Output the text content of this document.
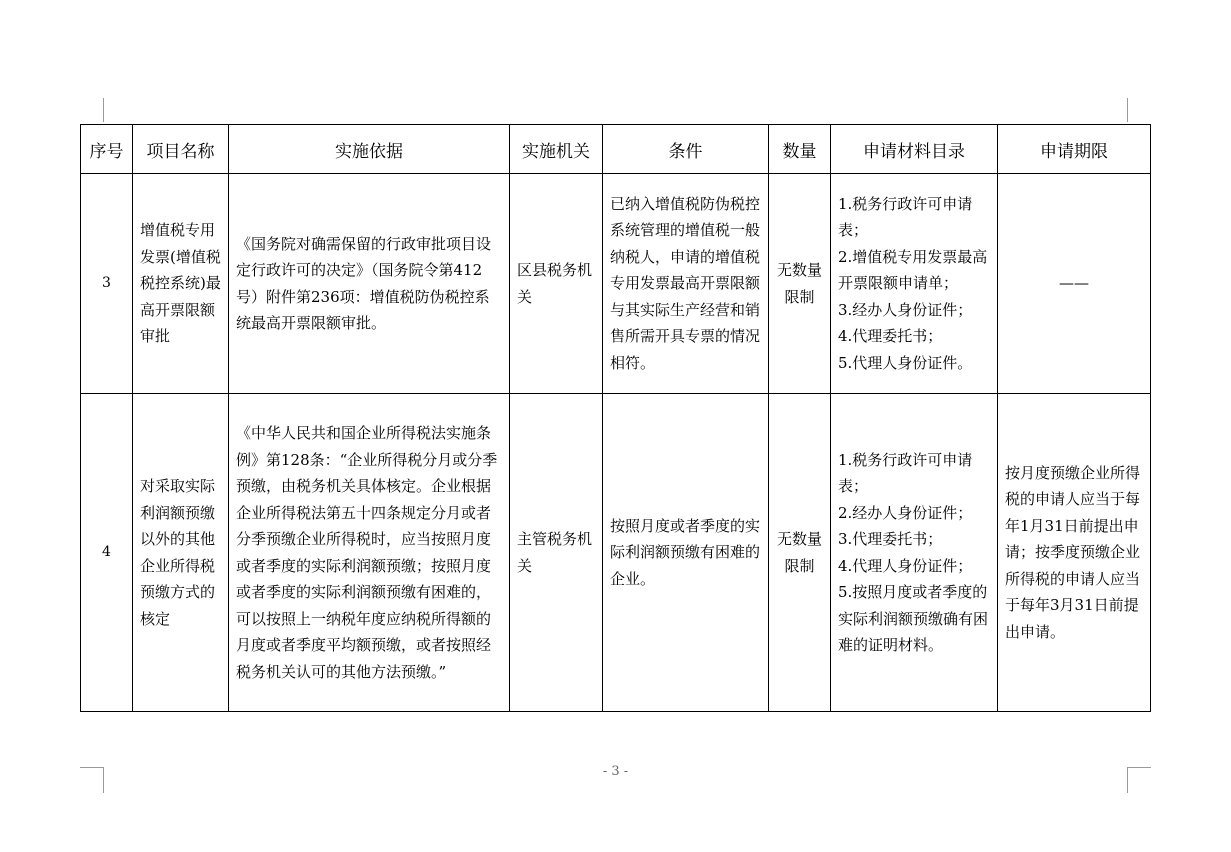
序号	项目名称	实施依据	实施机关	条件	数量	申请材料目录	申请期限
3	增值税专用发票(增值税税控系统)最高开票限额审批	《国务院对确需保留的行政审批项目设定行政许可的决定》（国务院令第412号）附件第236项：增值税防伪税控系统最高开票限额审批。	区县税务机关	已纳入增值税防伪税控系统管理的增值税一般纳税人，申请的增值税专用发票最高开票限额与其实际生产经营和销售所需开具专票的情况相符。	无数量限制	1.税务行政许可申请表；
2.增值税专用发票最高开票限额申请单；
3.经办人身份证件；
4.代理委托书；
5.代理人身份证件。	——
4	对采取实际利润额预缴以外的其他企业所得税预缴方式的核定	《中华人民共和国企业所得税法实施条例》第128条：“企业所得税分月或分季预缴，由税务机关具体核定。企业根据企业所得税法第五十四条规定分月或者分季预缴企业所得税时，应当按照月度或者季度的实际利润额预缴；按照月度或者季度的实际利润额预缴有困难的，可以按照上一纳税年度应纳税所得额的月度或者季度平均额预缴，或者按照经税务机关认可的其他方法预缴。”	主管税务机关	按照月度或者季度的实际利润额预缴有困难的企业。	无数量限制	1.税务行政许可申请表；
2.经办人身份证件；
3.代理委托书；
4.代理人身份证件；
5.按照月度或者季度的实际利润额预缴确有困难的证明材料。	按月度预缴企业所得税的申请人应当于每年1月31日前提出申请；按季度预缴企业所得税的申请人应当于每年3月31日前提出申请。
- 3 -
